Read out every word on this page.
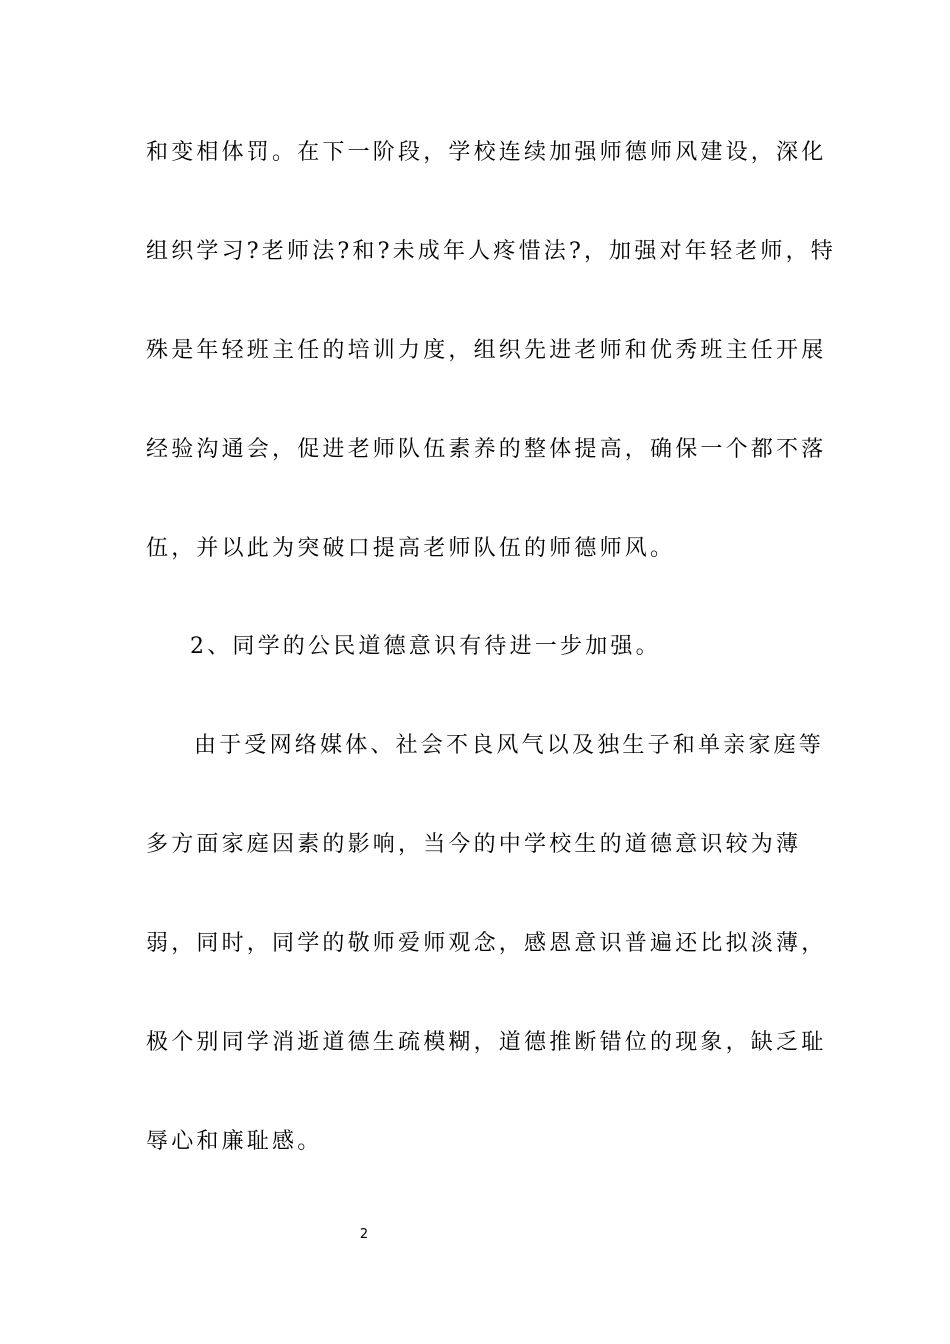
和变相体罚。在下一阶段，学校连续加强师德师风建设，深化

组织学习?老师法?和?未成年人疼惜法?，加强对年轻老师，特

殊是年轻班主任的培训力度，组织先进老师和优秀班主任开展

经验沟通会，促进老师队伍素养的整体提高，确保一个都不落

伍，并以此为突破口提高老师队伍的师德师风。

2、同学的公民道德意识有待进一步加强。

由于受网络媒体、社会不良风气以及独生子和单亲家庭等

多方面家庭因素的影响，当今的中学校生的道德意识较为薄

弱，同时，同学的敬师爱师观念，感恩意识普遍还比拟淡薄，

极个别同学消逝道德生疏模糊，道德推断错位的现象，缺乏耻

辱心和廉耻感。

2
